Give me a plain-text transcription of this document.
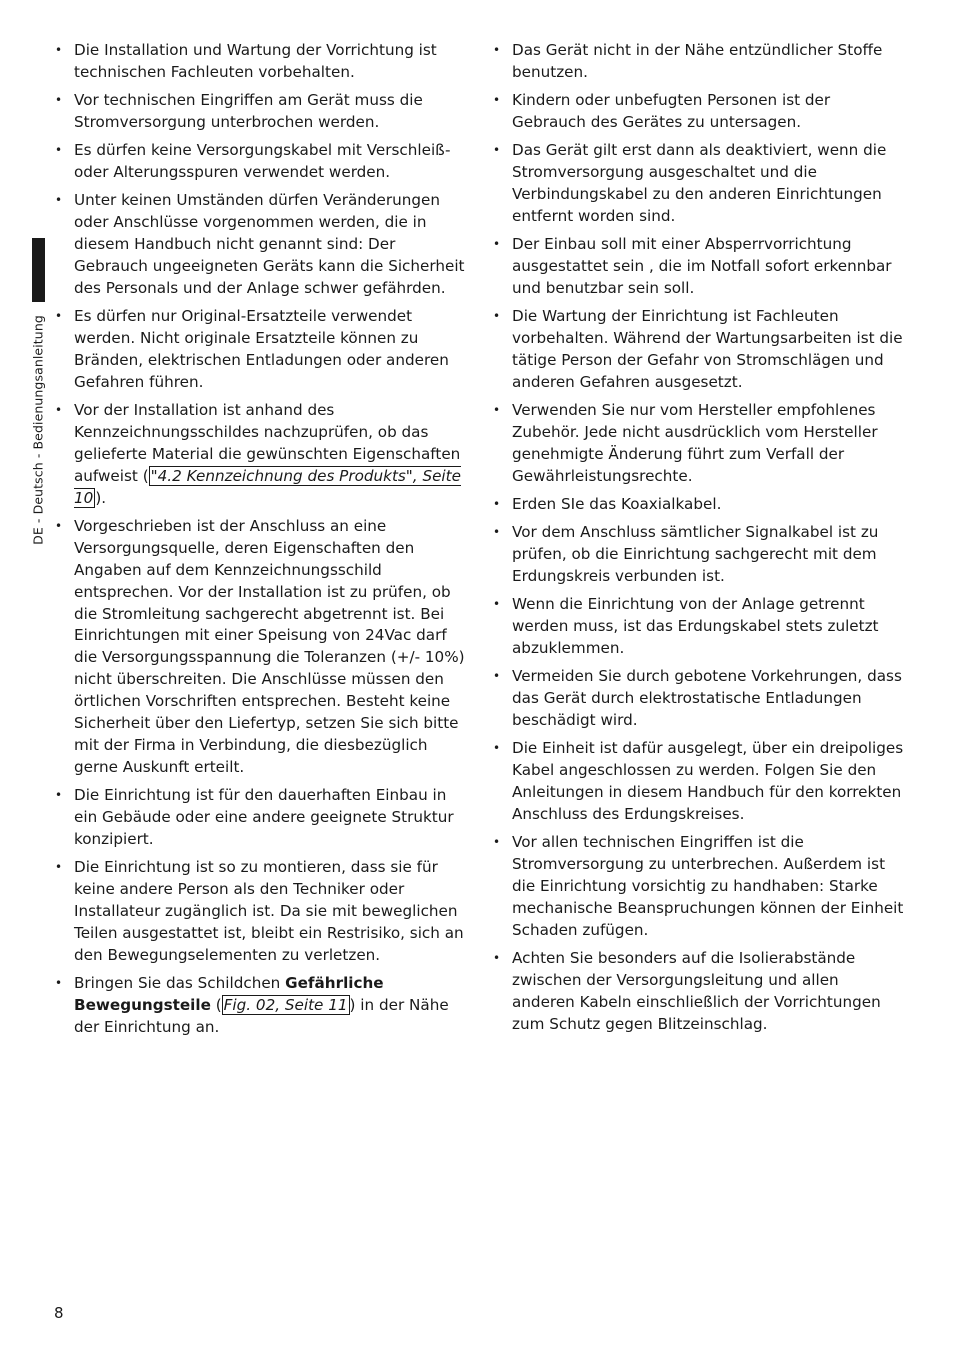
DE - Deutsch - Bedienungsanleitung
• Die Installation und Wartung der Vorrichtung ist technischen Fachleuten vorbehalten.
• Vor technischen Eingriffen am Gerät muss die Stromversorgung unterbrochen werden.
• Es dürfen keine Versorgungskabel mit Verschleiß- oder Alterungsspuren verwendet werden.
• Unter keinen Umständen dürfen Veränderungen oder Anschlüsse vorgenommen werden, die in diesem Handbuch nicht genannt sind: Der Gebrauch ungeeigneten Geräts kann die Sicherheit des Personals und der Anlage schwer gefährden.
• Es dürfen nur Original-Ersatzteile verwendet werden. Nicht originale Ersatzteile können zu Bränden, elektrischen Entladungen oder anderen Gefahren führen.
• Vor der Installation ist anhand des Kennzeichnungsschildes nachzuprüfen, ob das gelieferte Material die gewünschten Eigenschaften aufweist ( "4.2 Kennzeichnung des Produkts", Seite 10 ).
• Vorgeschrieben ist der Anschluss an eine Versorgungsquelle, deren Eigenschaften den Angaben auf dem Kennzeichnungsschild entsprechen. Vor der Installation ist zu prüfen, ob die Stromleitung sachgerecht abgetrennt ist. Bei Einrichtungen mit einer Speisung von 24Vac darf die Versorgungsspannung die Toleranzen (+/- 10%) nicht überschreiten. Die Anschlüsse müssen den örtlichen Vorschriften entsprechen. Besteht keine Sicherheit über den Liefertyp, setzen Sie sich bitte mit der Firma in Verbindung, die diesbezüglich gerne Auskunft erteilt.
• Die Einrichtung ist für den dauerhaften Einbau in ein Gebäude oder eine andere geeignete Struktur konzipiert.
• Die Einrichtung ist so zu montieren, dass sie für keine andere Person als den Techniker oder Installateur zugänglich ist. Da sie mit beweglichen Teilen ausgestattet ist, bleibt ein Restrisiko, sich an den Bewegungselementen zu verletzen.
• Bringen Sie das Schildchen Gefährliche Bewegungsteile ( Fig. 02, Seite 11 ) in der Nähe der Einrichtung an.
• Das Gerät nicht in der Nähe entzündlicher Stoffe benutzen.
• Kindern oder unbefugten Personen ist der Gebrauch des Gerätes zu untersagen.
• Das Gerät gilt erst dann als deaktiviert, wenn die Stromversorgung ausgeschaltet und die Verbindungskabel zu den anderen Einrichtungen entfernt worden sind.
• Der Einbau soll mit einer Absperrvorrichtung ausgestattet sein , die im Notfall sofort erkennbar und benutzbar sein soll.
• Die Wartung der Einrichtung ist Fachleuten vorbehalten. Während der Wartungsarbeiten ist die tätige Person der Gefahr von Stromschlägen und anderen Gefahren ausgesetzt.
• Verwenden Sie nur vom Hersteller empfohlenes Zubehör. Jede nicht ausdrücklich vom Hersteller genehmigte Änderung führt zum Verfall der Gewährleistungsrechte.
• Erden SIe das Koaxialkabel.
• Vor dem Anschluss sämtlicher Signalkabel ist zu prüfen, ob die Einrichtung sachgerecht mit dem Erdungskreis verbunden ist.
• Wenn die Einrichtung von der Anlage getrennt werden muss, ist das Erdungskabel stets zuletzt abzuklemmen.
• Vermeiden Sie durch gebotene Vorkehrungen, dass das Gerät durch elektrostatische Entladungen beschädigt wird.
• Die Einheit ist dafür ausgelegt, über ein dreipoliges Kabel angeschlossen zu werden. Folgen Sie den Anleitungen in diesem Handbuch für den korrekten Anschluss des Erdungskreises.
• Vor allen technischen Eingriffen ist die Stromversorgung zu unterbrechen. Außerdem ist die Einrichtung vorsichtig zu handhaben: Starke mechanische Beanspruchungen können der Einheit Schaden zufügen.
• Achten Sie besonders auf die Isolierabstände zwischen der Versorgungsleitung und allen anderen Kabeln einschließlich der Vorrichtungen zum Schutz gegen Blitzeinschlag.
8
